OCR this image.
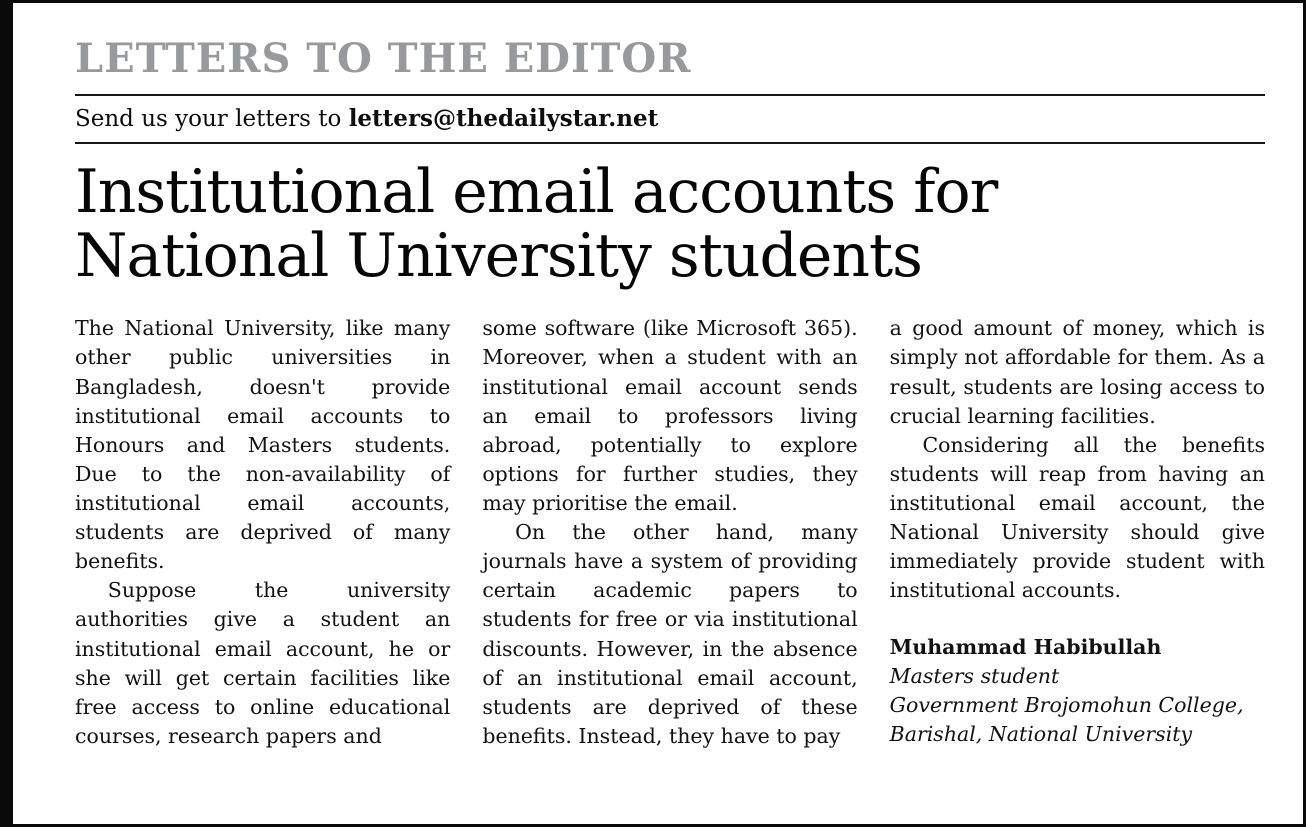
LETTERS TO THE EDITOR
Send us your letters to letters@thedailystar.net
Institutional email accounts for National University students

The National University, like many other public universities in Bangladesh, doesn't provide institutional email accounts to Honours and Masters students. Due to the non-availability of institutional email accounts, students are deprived of many benefits.

Suppose the university authorities give a student an institutional email account, he or she will get certain facilities like free access to online educational courses, research papers and

some software (like Microsoft 365). Moreover, when a student with an institutional email account sends an email to professors living abroad, potentially to explore options for further studies, they may prioritise the email.

On the other hand, many journals have a system of providing certain academic papers to students for free or via institutional discounts. However, in the absence of an institutional email account, students are deprived of these benefits. Instead, they have to pay

a good amount of money, which is simply not affordable for them. As a result, students are losing access to crucial learning facilities.

Considering all the benefits students will reap from having an institutional email account, the National University should give immediately provide student with institutional accounts.

Muhammad Habibullah

Masters student

Government Brojomohun College,

Barishal, National University
